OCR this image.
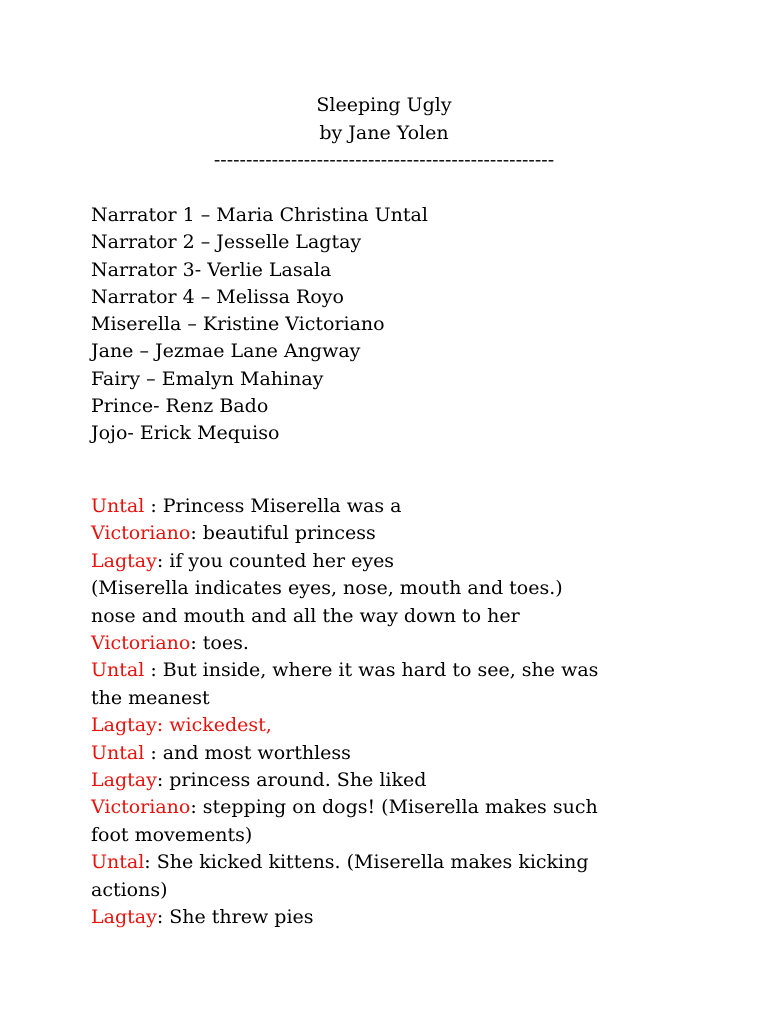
Sleeping Ugly
by Jane Yolen
-----------------------------------------------------
Narrator 1 – Maria Christina Untal
Narrator 2 – Jesselle Lagtay
Narrator 3- Verlie Lasala
Narrator 4 – Melissa Royo
Miserella – Kristine Victoriano
Jane – Jezmae Lane Angway
Fairy – Emalyn Mahinay
Prince- Renz Bado
Jojo- Erick Mequiso
Untal : Princess Miserella was a
Victoriano: beautiful princess
Lagtay: if you counted her eyes
(Miserella indicates eyes, nose, mouth and toes.)
nose and mouth and all the way down to her
Victoriano: toes.
Untal : But inside, where it was hard to see, she was
the meanest
Lagtay: wickedest,
Untal : and most worthless
Lagtay: princess around. She liked
Victoriano: stepping on dogs! (Miserella makes such
foot movements)
Untal: She kicked kittens. (Miserella makes kicking
actions)
Lagtay: She threw pies
